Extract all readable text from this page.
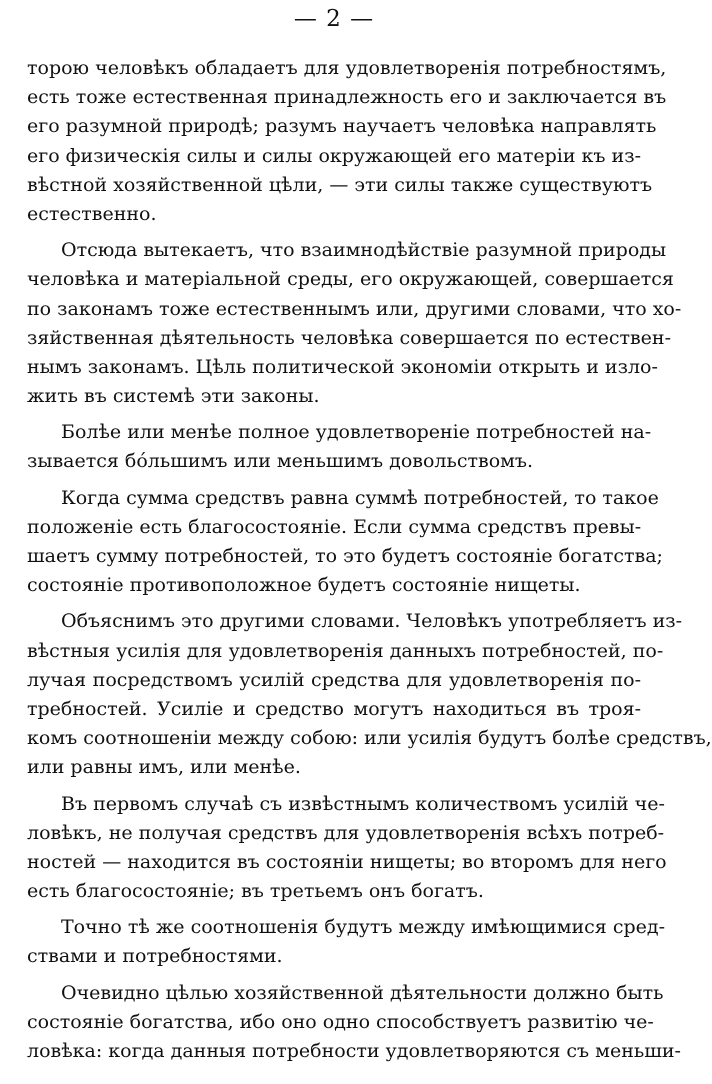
— 2 —
торою человѣкъ обладаетъ для удовлетворенія потребностямъ,
есть тоже естественная принадлежность его и заключается въ
его разумной природѣ; разумъ научаетъ человѣка направлять
его физическія силы и силы окружающей его матеріи къ из-
вѣстной хозяйственной цѣли, — эти силы также существуютъ
естественно.
Отсюда вытекаетъ, что взаимнодѣйствіе разумной природы
человѣка и матеріальной среды, его окружающей, совершается
по законамъ тоже естественнымъ или, другими словами, что хо-
зяйственная дѣятельность человѣка совершается по естествен-
нымъ законамъ. Цѣль политической экономіи открыть и изло-
жить въ системѣ эти законы.
Болѣе или менѣе полное удовлетвореніе потребностей на-
зывается бо́льшимъ или меньшимъ довольствомъ.
Когда сумма средствъ равна суммѣ потребностей, то такое
положеніе есть благосостояніе. Если сумма средствъ превы-
шаетъ сумму потребностей, то это будетъ состояніе богатства;
состояніе противоположное будетъ состояніе нищеты.
Объяснимъ это другими словами. Человѣкъ употребляетъ из-
вѣстныя усилія для удовлетворенія данныхъ потребностей, по-
лучая посредствомъ усилій средства для удовлетворенія по-
требностей. Усиліе и средство могутъ находиться въ троя-
комъ соотношеніи между собою: или усилія будутъ болѣе средствъ,
или равны имъ, или менѣе.
Въ первомъ случаѣ съ извѣстнымъ количествомъ усилій че-
ловѣкъ, не получая средствъ для удовлетворенія всѣхъ потреб-
ностей — находится въ состояніи нищеты; во второмъ для него
есть благосостояніе; въ третьемъ онъ богатъ.
Точно тѣ же соотношенія будутъ между имѣющимися сред-
ствами и потребностями.
Очевидно цѣлью хозяйственной дѣятельности должно быть
состояніе богатства, ибо оно одно способствуетъ развитію че-
ловѣка: когда данныя потребности удовлетворяются съ меньши-
